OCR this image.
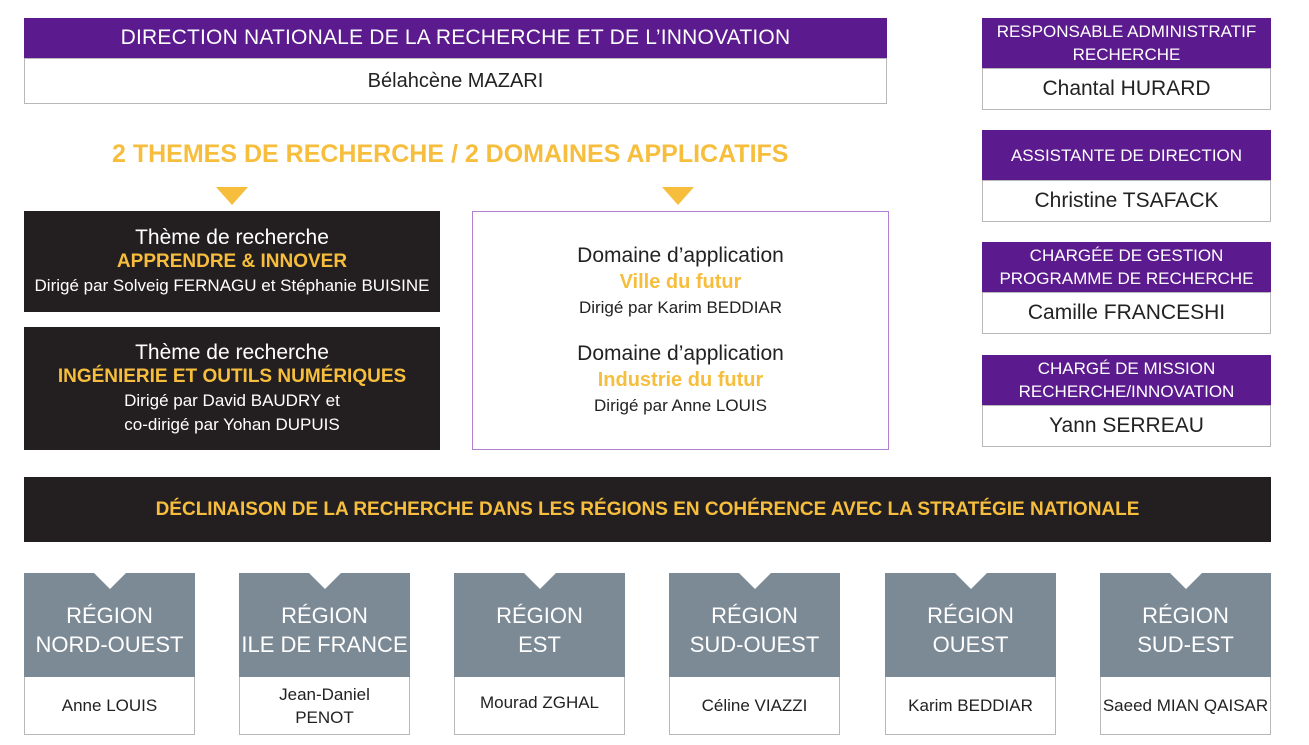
DIRECTION NATIONALE DE LA RECHERCHE ET DE L’INNOVATION
Bélahcène MAZARI
RESPONSABLE ADMINISTRATIF
RECHERCHE
Chantal HURARD
ASSISTANTE DE DIRECTION
Christine TSAFACK
CHARGÉE DE GESTION
PROGRAMME DE RECHERCHE
Camille FRANCESHI
CHARGÉ DE MISSION
RECHERCHE/INNOVATION
Yann SERREAU
2 THEMES DE RECHERCHE / 2 DOMAINES APPLICATIFS
Thème de recherche
APPRENDRE & INNOVER
Dirigé par Solveig FERNAGU et Stéphanie BUISINE
Thème de recherche
INGÉNIERIE ET OUTILS NUMÉRIQUES
Dirigé par David BAUDRY et
co-dirigé par Yohan DUPUIS
Domaine d’application
Ville du futur
Dirigé par Karim BEDDIAR
Domaine d’application
Industrie du futur
Dirigé par Anne LOUIS
DÉCLINAISON DE LA RECHERCHE DANS LES RÉGIONS EN COHÉRENCE AVEC LA STRATÉGIE NATIONALE
RÉGION
NORD-OUEST
Anne LOUIS
RÉGION
ILE DE FRANCE
Jean-Daniel
PENOT
RÉGION
EST
Mourad ZGHAL
RÉGION
SUD-OUEST
Céline VIAZZI
RÉGION
OUEST
Karim BEDDIAR
RÉGION
SUD-EST
Saeed MIAN QAISAR
